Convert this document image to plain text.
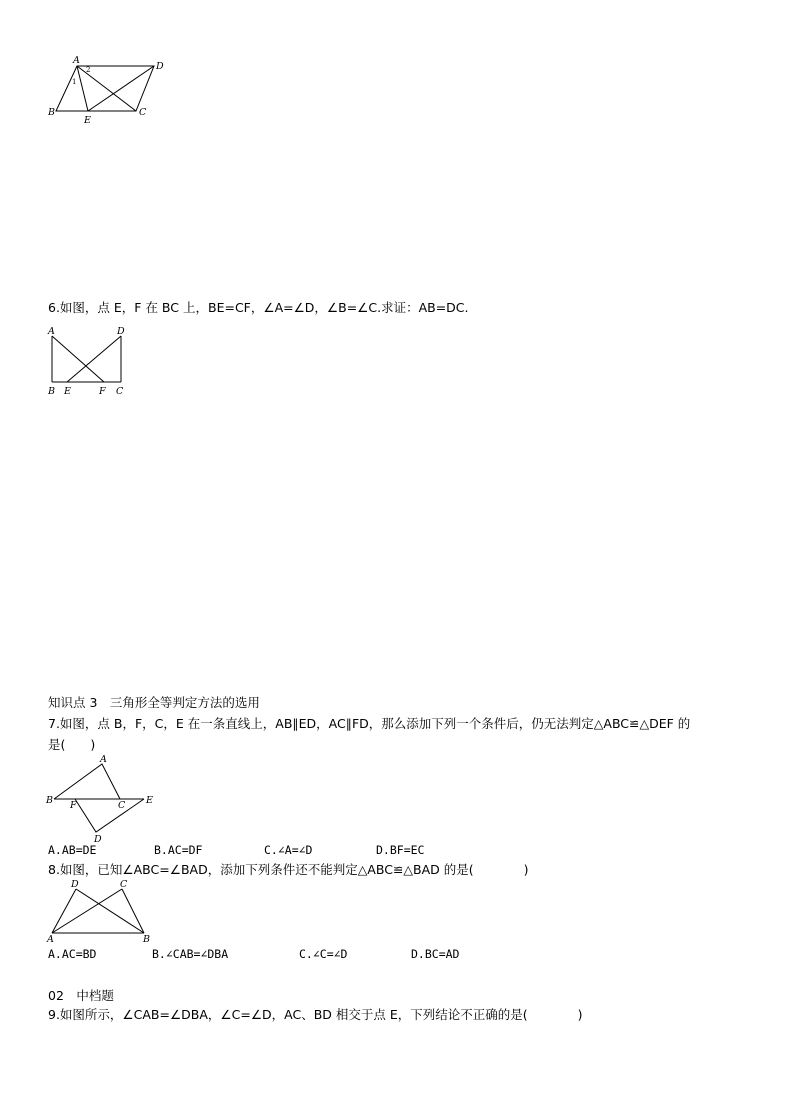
A
D
B
E
C
2
1
6.如图，点 E，F 在 BC 上，BE=CF，∠A=∠D，∠B=∠C.求证：AB=DC.
A	D
B E	F C
知识点 3　三角形全等判定方法的选用
7.如图，点 B，F，C，E 在一条直线上，AB∥ED，AC∥FD，那么添加下列一个条件后，仍无法判定△ABC≌△DEF 的
是(　　)
A
B F	C E
D
A.AB=DE	B.AC=DF	C.∠A=∠D	D.BF=EC
8.如图，已知∠ABC=∠BAD，添加下列条件还不能判定△ABC≌△BAD 的是(　　　　)
D	C
A	B
A.AC=BD	B.∠CAB=∠DBA	C.∠C=∠D	D.BC=AD
02　中档题
9.如图所示，∠CAB=∠DBA，∠C=∠D，AC、BD 相交于点 E，下列结论不正确的是(　　　　)
